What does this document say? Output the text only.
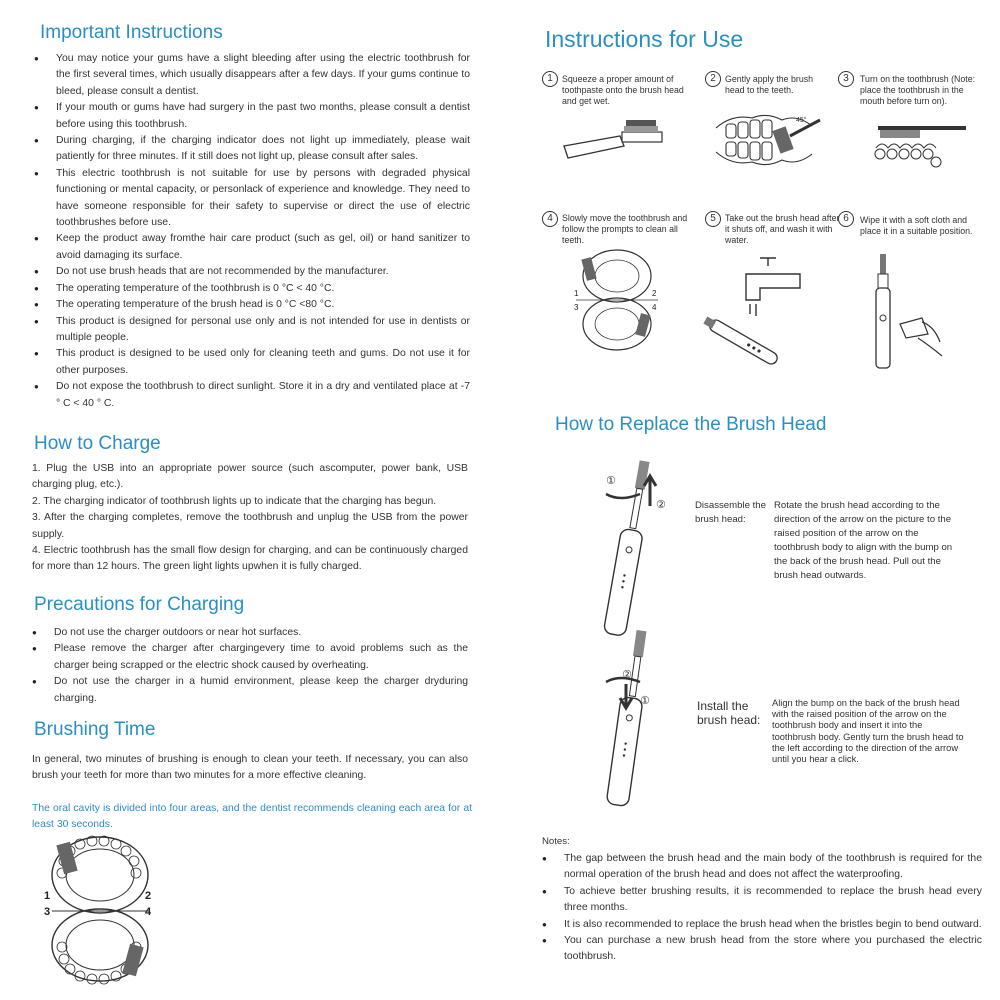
Important Instructions
● You may notice your gums have a slight bleeding after using the electric toothbrush for the first several times, which usually disappears after a few days. If your gums continue to bleed, please consult a dentist.
● If your mouth or gums have had surgery in the past two months, please consult a dentist before using this toothbrush.
● During charging, if the charging indicator does not light up immediately, please wait patiently for three minutes. If it still does not light up, please consult after sales.
● This electric toothbrush is not suitable for use by persons with degraded physical functioning or mental capacity, or personlack of experience and knowledge. They need to have someone responsible for their safety to supervise or direct the use of electric toothbrushes before use.
● Keep the product away fromthe hair care product (such as gel, oil) or hand sanitizer to avoid damaging its surface.
● Do not use brush heads that are not recommended by the manufacturer.
● The operating temperature of the toothbrush is 0 °C < 40 °C.
● The operating temperature of the brush head is 0 °C <80 °C.
● This product is designed for personal use only and is not intended for use in dentists or multiple people.
● This product is designed to be used only for cleaning teeth and gums. Do not use it for other purposes.
● Do not expose the toothbrush to direct sunlight. Store it in a dry and ventilated place at -7 ° C < 40 ° C.
How to Charge
1. Plug the USB into an appropriate power source (such ascomputer, power bank, USB charging plug, etc.).
2. The charging indicator of toothbrush lights up to indicate that the charging has begun.
3. After the charging completes, remove the toothbrush and unplug the USB from the power supply.
4. Electric toothbrush has the small flow design for charging, and can be continuously charged for more than 12 hours. The green light lights upwhen it is fully charged.
Precautions for Charging
● Do not use the charger outdoors or near hot surfaces.
● Please remove the charger after chargingevery time to avoid problems such as the charger being scrapped or the electric shock caused by overheating.
● Do not use the charger in a humid environment, please keep the charger dryduring charging.
Brushing Time
In general, two minutes of brushing is enough to clean your teeth. If necessary, you can also brush your teeth for more than two minutes for a more effective cleaning.
The oral cavity is divided into four areas, and the dentist recommends cleaning each area for at least 30 seconds.
1	2
3	4
Instructions for Use
1	Squeeze a proper amount of toothpaste onto the brush head and get wet.
2	Gently apply the brush head to the teeth.
45°
3	Turn on the toothbrush (Note: place the toothbrush in the mouth before turn on).
4	Slowly move the toothbrush and follow the prompts to clean all teeth.
1	2
3	4
5	Take out the brush head after it shuts off, and wash it with water.
6	Wipe it with a soft cloth and place it in a suitable position.
How to Replace the Brush Head
①
②	Disassemble the brush head:
Rotate the brush head according to the direction of the arrow on the picture to the raised position of the arrow on the toothbrush body to align with the bump on the back of the brush head. Pull out the brush head outwards.
②
①	Install the brush head:
Align the bump on the back of the brush head with the raised position of the arrow on the toothbrush body and insert it into the toothbrush body. Gently turn the brush head to the left according to the direction of the arrow until you hear a click.
Notes:
● The gap between the brush head and the main body of the toothbrush is required for the normal operation of the brush head and does not affect the waterproofing.
● To achieve better brushing results, it is recommended to replace the brush head every three months.
● It is also recommended to replace the brush head when the bristles begin to bend outward.
● You can purchase a new brush head from the store where you purchased the electric toothbrush.
